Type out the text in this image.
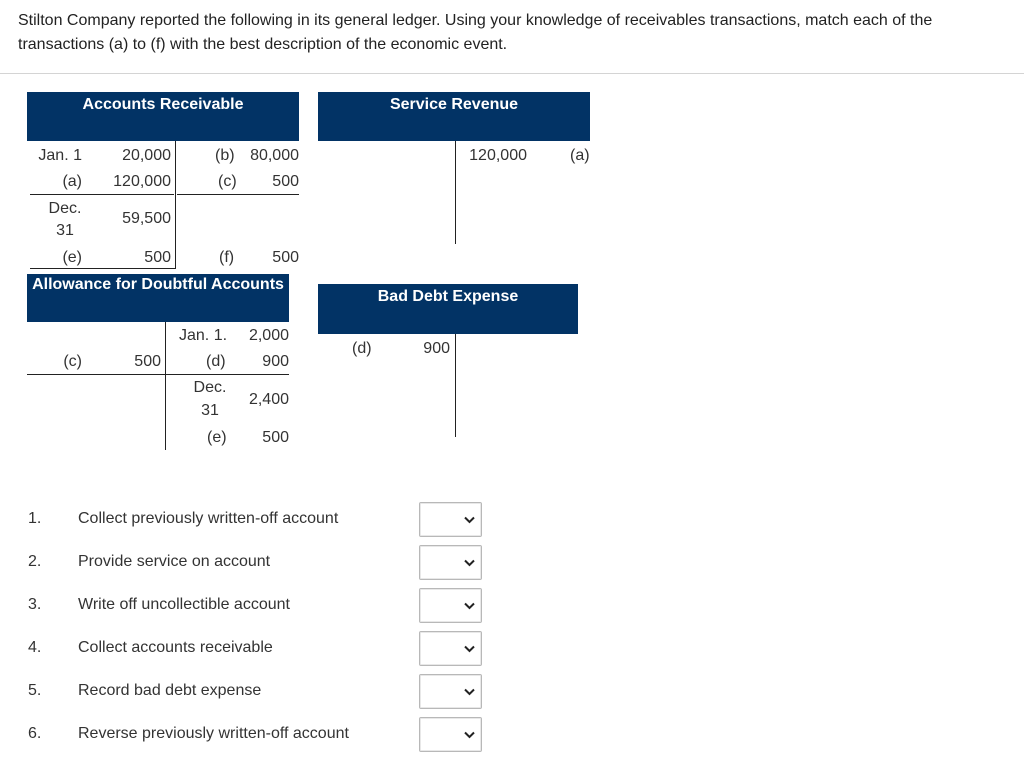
Stilton Company reported the following in its general ledger. Using your knowledge of receivables transactions, match each of the transactions (a) to (f) with the best description of the economic event.
Accounts Receivable
Jan. 1	20,000
(a)	120,000
Dec.
31
59,500
(e)	500
(b) 80,000
(c)	500
(f)	500
Service Revenue
120,000	(a)
Allowance for Doubtful Accounts
(c)	500
Jan. 1.	2,000
(d)	900
Dec.
31
2,400
(e)	500
Bad Debt Expense
(d)	900
1. Collect previously written-off account
2. Provide service on account
3. Write off uncollectible account
4. Collect accounts receivable
5. Record bad debt expense
6. Reverse previously written-off account
